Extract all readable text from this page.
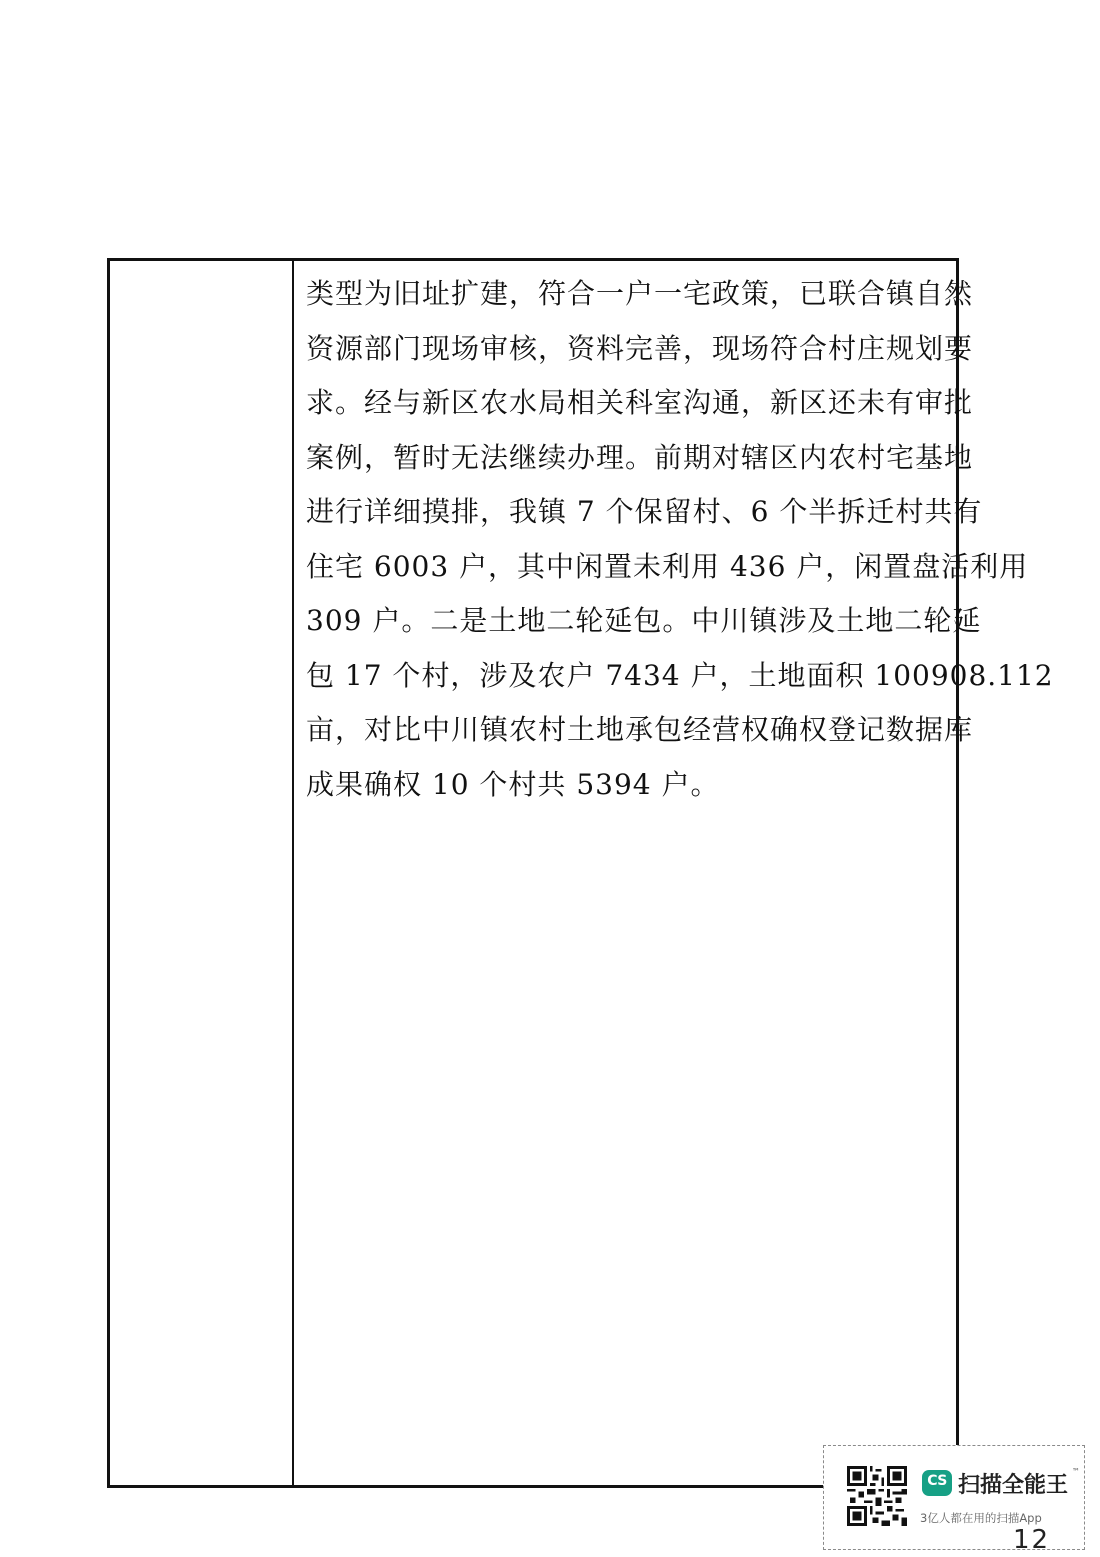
类型为旧址扩建，符合一户一宅政策，已联合镇自然
资源部门现场审核，资料完善，现场符合村庄规划要
求。经与新区农水局相关科室沟通，新区还未有审批
案例，暂时无法继续办理。前期对辖区内农村宅基地
进行详细摸排，我镇 7 个保留村、6 个半拆迁村共有
住宅 6003 户，其中闲置未利用 436 户，闲置盘活利用
309 户。二是土地二轮延包。中川镇涉及土地二轮延
包 17 个村，涉及农户 7434 户，土地面积 100908.112
亩，对比中川镇农村土地承包经营权确权登记数据库
成果确权 10 个村共 5394 户。

CS 扫描全能王
™
3亿人都在用的扫描App
12
